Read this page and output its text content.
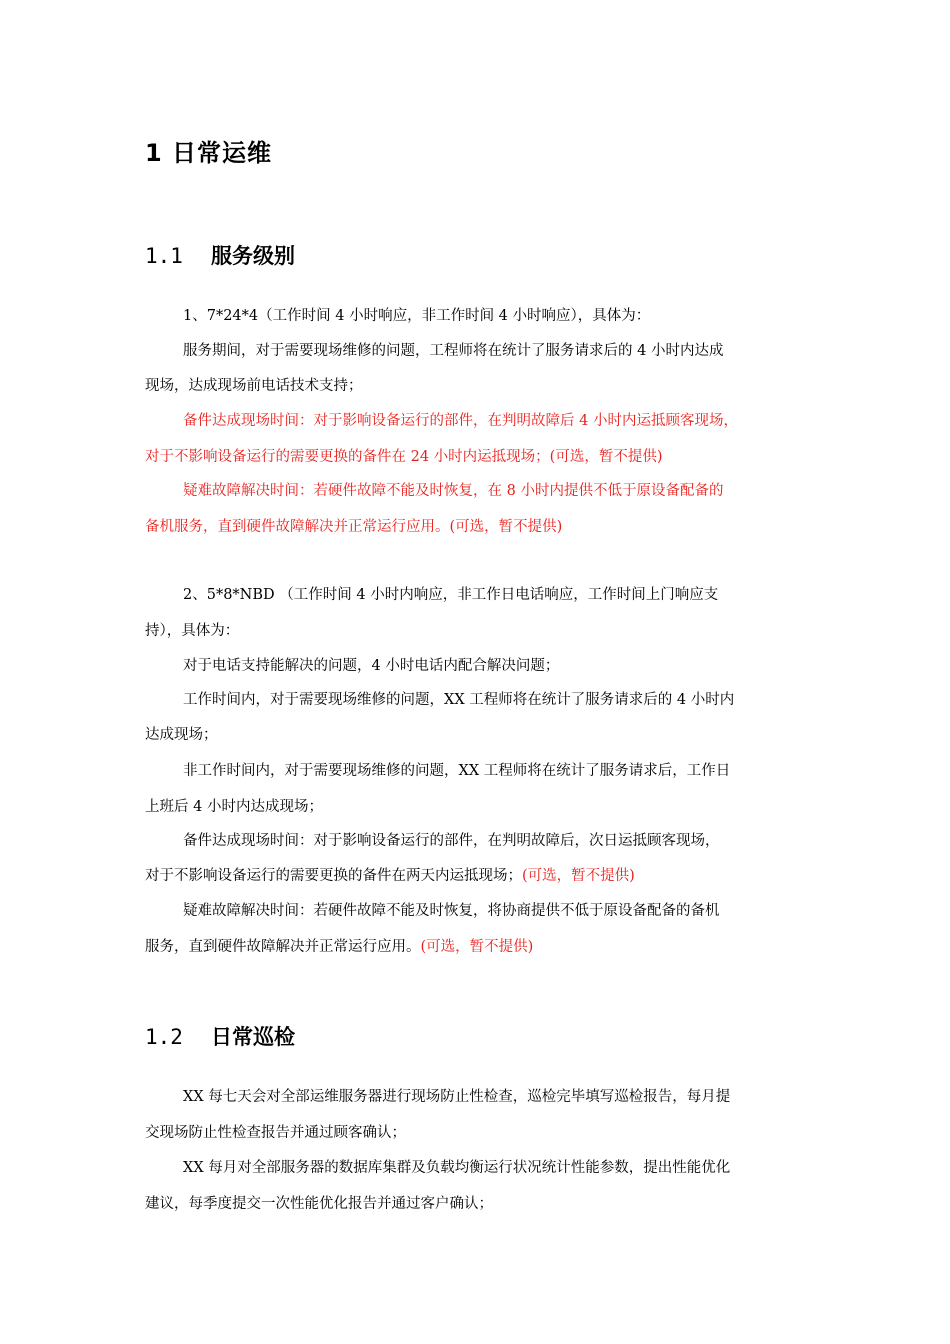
1 日常运维
1.1 服务级别
1、7*24*4（工作时间 4 小时响应，非工作时间 4 小时响应），具体为：
服务期间，对于需要现场维修的问题，工程师将在统计了服务请求后的 4 小时内达成
现场，达成现场前电话技术支持；
备件达成现场时间：对于影响设备运行的部件，在判明故障后 4 小时内运抵顾客现场，
对于不影响设备运行的需要更换的备件在 24 小时内运抵现场；(可选，暂不提供)
疑难故障解决时间：若硬件故障不能及时恢复，在 8 小时内提供不低于原设备配备的
备机服务，直到硬件故障解决并正常运行应用。(可选，暂不提供)
2、5*8*NBD （工作时间 4 小时内响应，非工作日电话响应，工作时间上门响应支
持），具体为：
对于电话支持能解决的问题，4 小时电话内配合解决问题；
工作时间内，对于需要现场维修的问题，XX 工程师将在统计了服务请求后的 4 小时内
达成现场；
非工作时间内，对于需要现场维修的问题，XX 工程师将在统计了服务请求后，工作日
上班后 4 小时内达成现场；
备件达成现场时间：对于影响设备运行的部件，在判明故障后，次日运抵顾客现场，
对于不影响设备运行的需要更换的备件在两天内运抵现场；(可选，暂不提供)
疑难故障解决时间：若硬件故障不能及时恢复，将协商提供不低于原设备配备的备机
服务，直到硬件故障解决并正常运行应用。(可选，暂不提供)
1.2 日常巡检
XX 每七天会对全部运维服务器进行现场防止性检查，巡检完毕填写巡检报告，每月提
交现场防止性检查报告并通过顾客确认；
XX 每月对全部服务器的数据库集群及负载均衡运行状况统计性能参数，提出性能优化
建议，每季度提交一次性能优化报告并通过客户确认；
